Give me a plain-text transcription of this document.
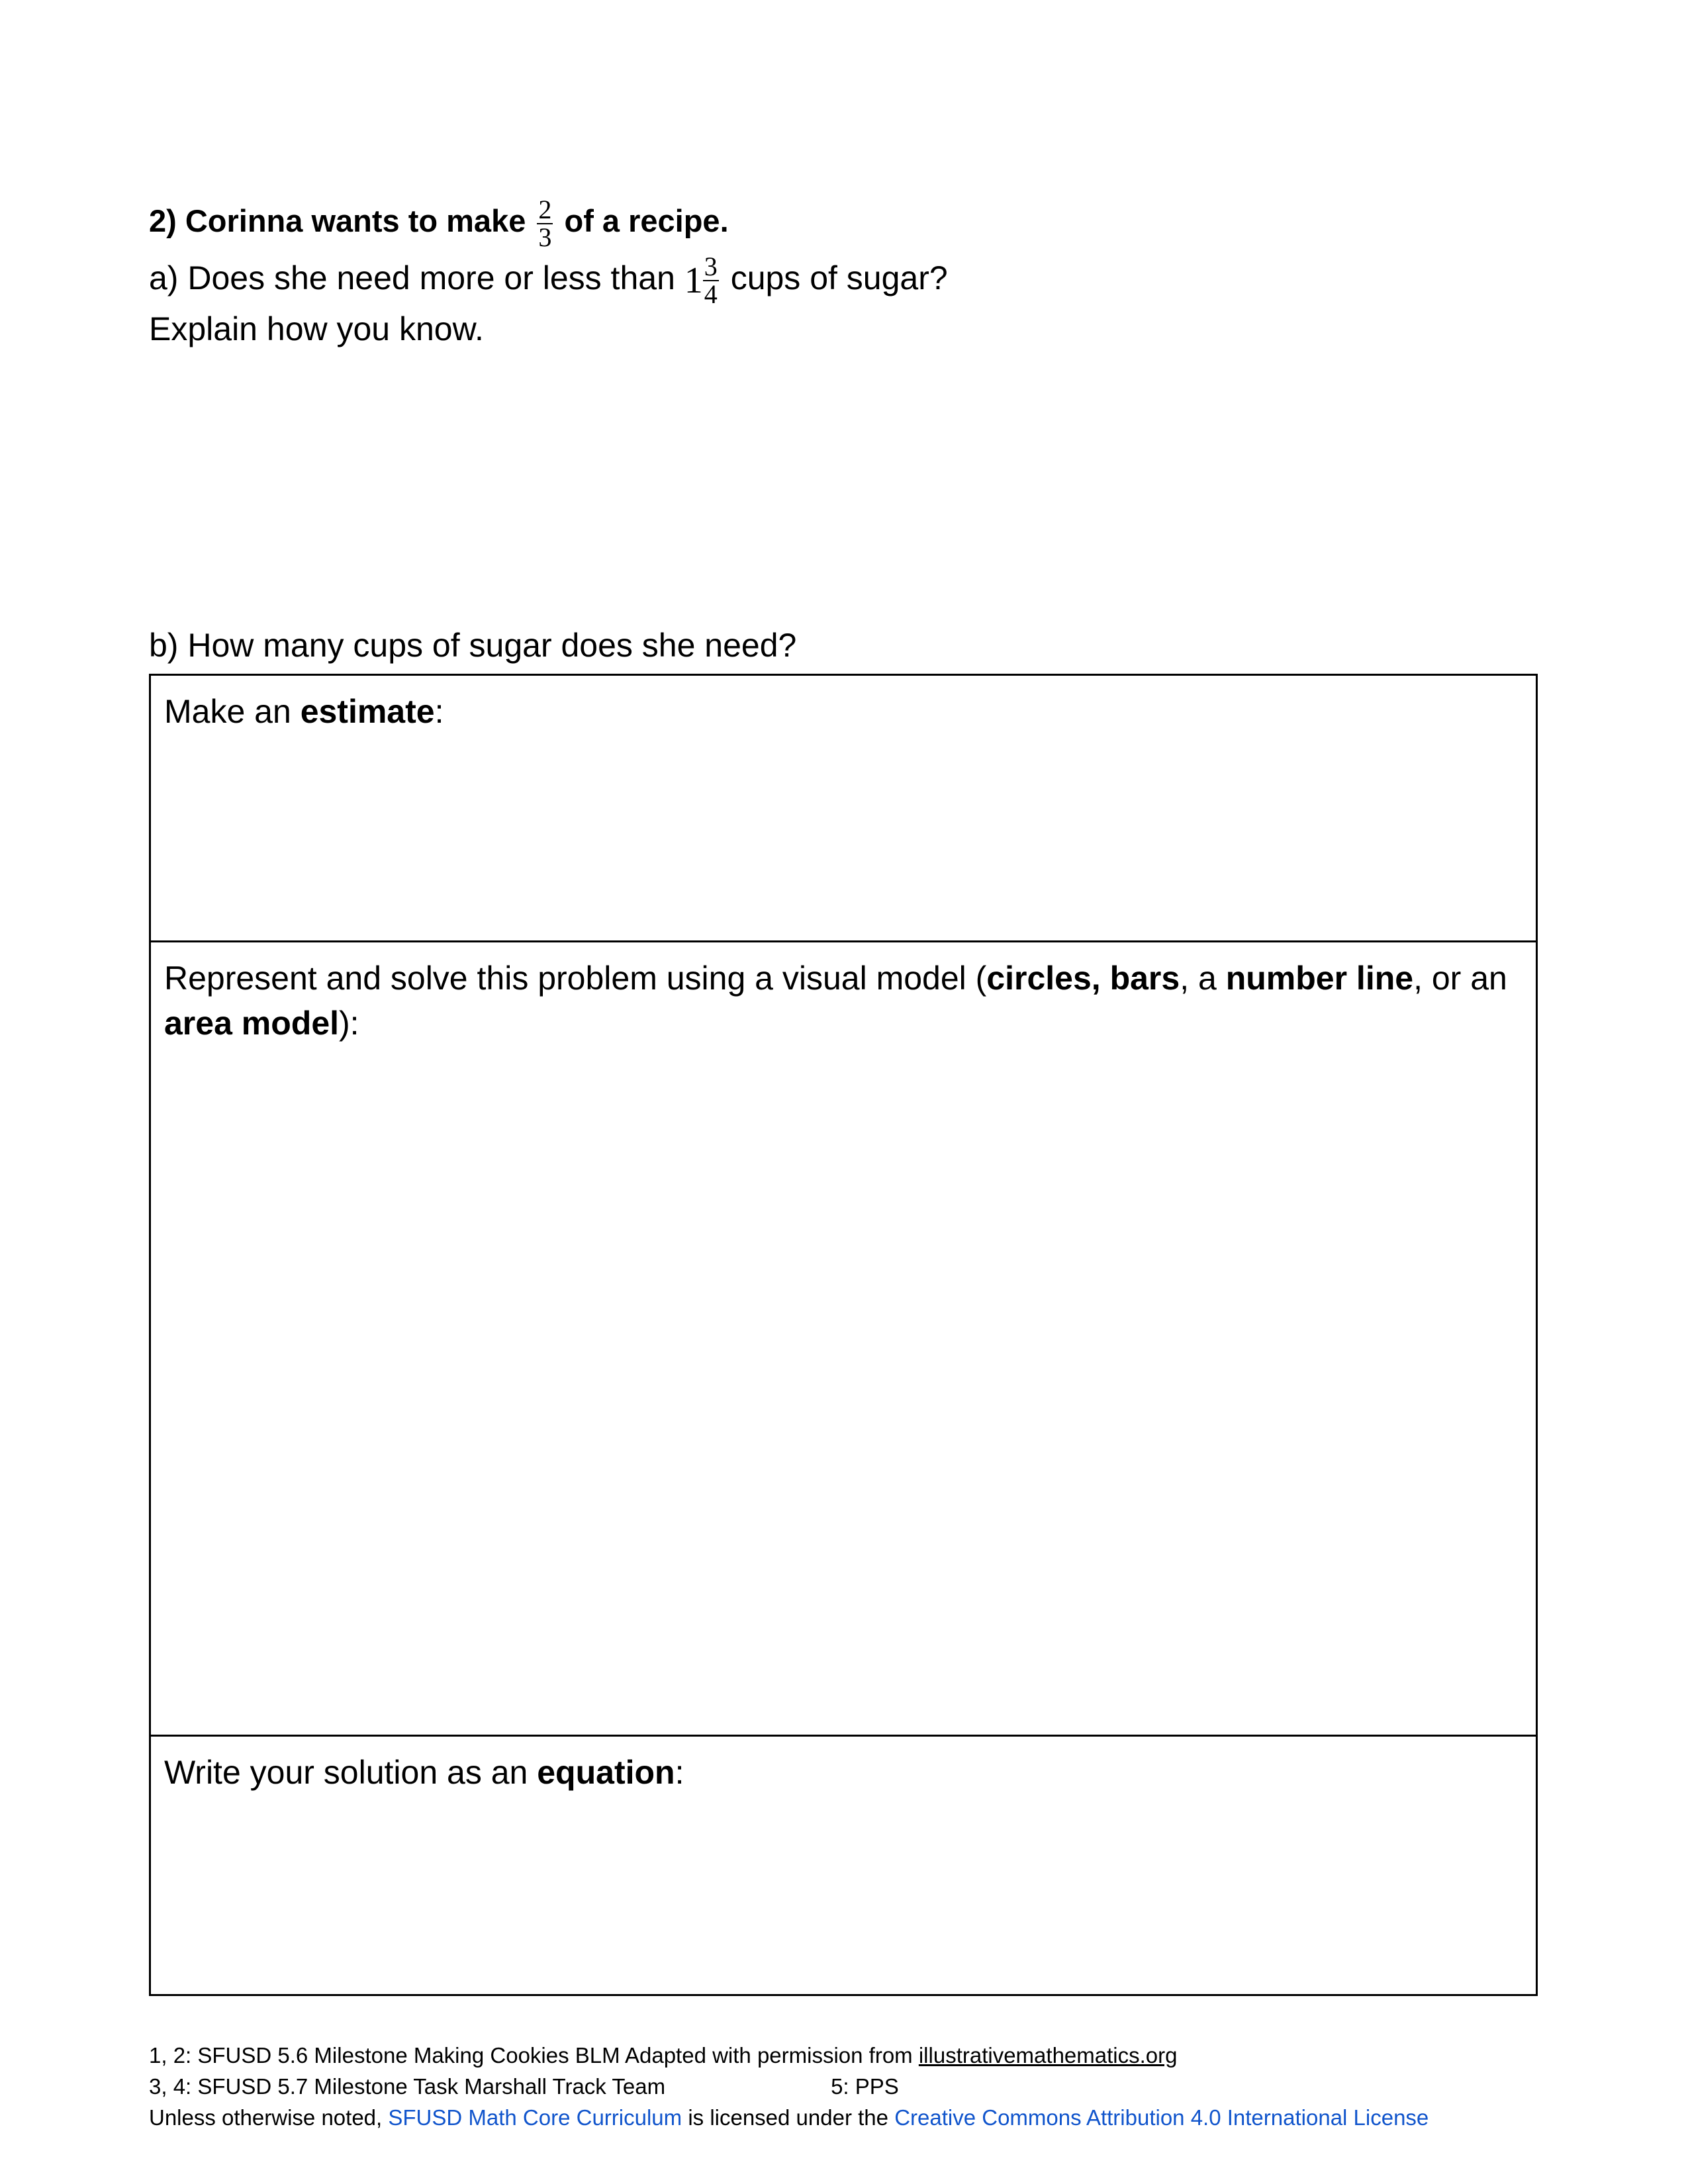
2) Corinna wants to make $\frac{2}{3}$ of a recipe.
a) Does she need more or less than $1 \frac{3}{4}$ cups of sugar?
Explain how you know.
b) How many cups of sugar does she need?
Make an estimate:
Represent and solve this problem using a visual model (circles, bars, a number line, or an area model):
Write your solution as an equation:
1, 2: SFUSD 5.6 Milestone Making Cookies BLM Adapted with permission from illustrativemathematics.org
3, 4: SFUSD 5.7 Milestone Task Marshall Track Team	5: PPS
Unless otherwise noted, SFUSD Math Core Curriculum is licensed under the Creative Commons Attribution 4.0 International License
